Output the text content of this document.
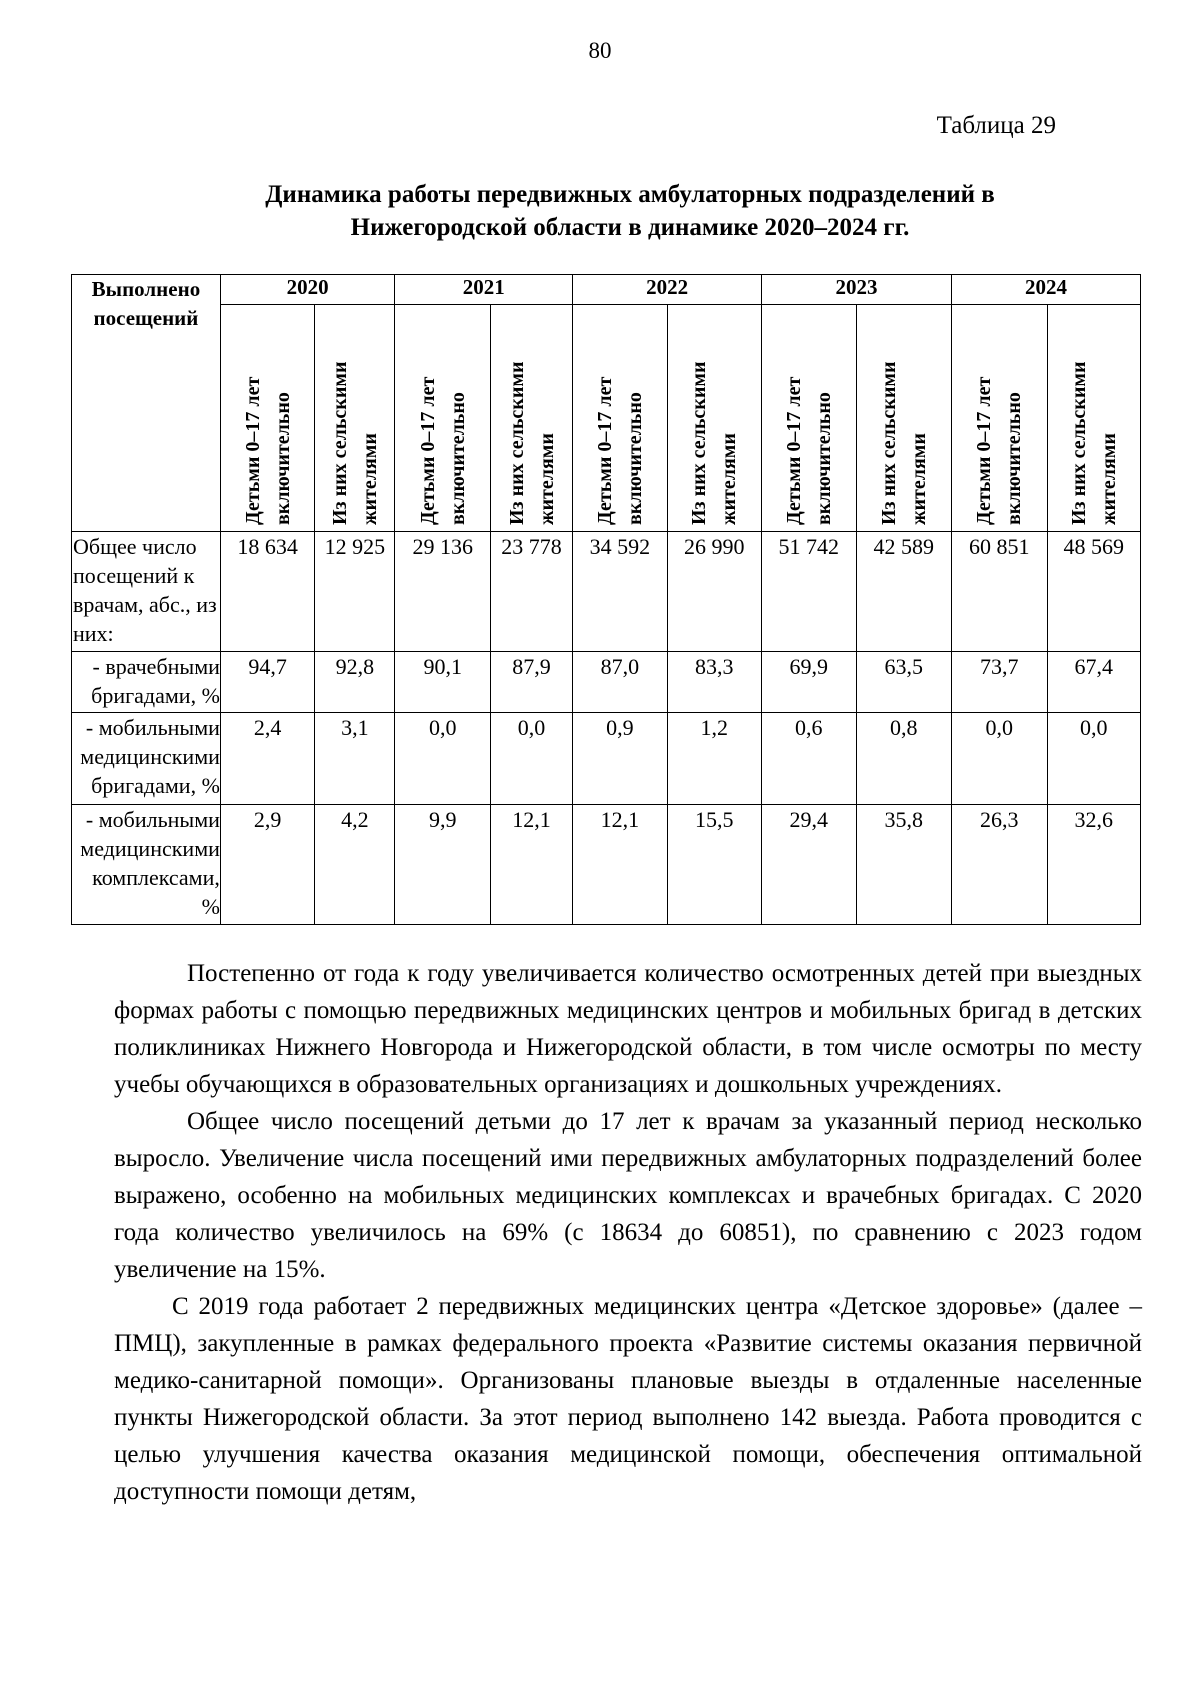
80
Таблица 29
Динамика работы передвижных амбулаторных подразделений в
Нижегородской области в динамике 2020–2024 гг.
Выполнено посещений	2020		2021		2022		2023		2024	
	Детьми 0–17 лет включительно	Из них сельскими жителями	Детьми 0–17 лет включительно	Из них сельскими жителями	Детьми 0–17 лет включительно	Из них сельскими жителями	Детьми 0–17 лет включительно	Из них сельскими жителями	Детьми 0–17 лет включительно	Из них сельскими жителями
Общее число посещений к врачам, абс., из них:	18 634	12 925	29 136	23 778	34 592	26 990	51 742	42 589	60 851	48 569
- врачебными бригадами, %	94,7	92,8	90,1	87,9	87,0	83,3	69,9	63,5	73,7	67,4
- мобильными медицинскими бригадами, %	2,4	3,1	0,0	0,0	0,9	1,2	0,6	0,8	0,0	0,0
- мобильными медицинскими комплексами, %	2,9	4,2	9,9	12,1	12,1	15,5	29,4	35,8	26,3	32,6

Постепенно от года к году увеличивается количество осмотренных детей при выездных формах работы с помощью передвижных медицинских центров и мобильных бригад в детских поликлиниках Нижнего Новгорода и Нижегородской области, в том числе осмотры по месту учебы обучающихся в образовательных организациях и дошкольных учреждениях.

Общее число посещений детьми до 17 лет к врачам за указанный период несколько выросло. Увеличение числа посещений ими передвижных амбулаторных подразделений более выражено, особенно на мобильных медицинских комплексах и врачебных бригадах. С 2020 года количество увеличилось на 69% (с 18634 до 60851), по сравнению с 2023 годом увеличение на 15%.

С 2019 года работает 2 передвижных медицинских центра «Детское здоровье» (далее – ПМЦ), закупленные в рамках федерального проекта «Развитие системы оказания первичной медико-санитарной помощи». Организованы плановые выезды в отдаленные населенные пункты Нижегородской области. За этот период выполнено 142 выезда. Работа проводится с целью улучшения качества оказания медицинской помощи, обеспечения оптимальной доступности помощи детям,
